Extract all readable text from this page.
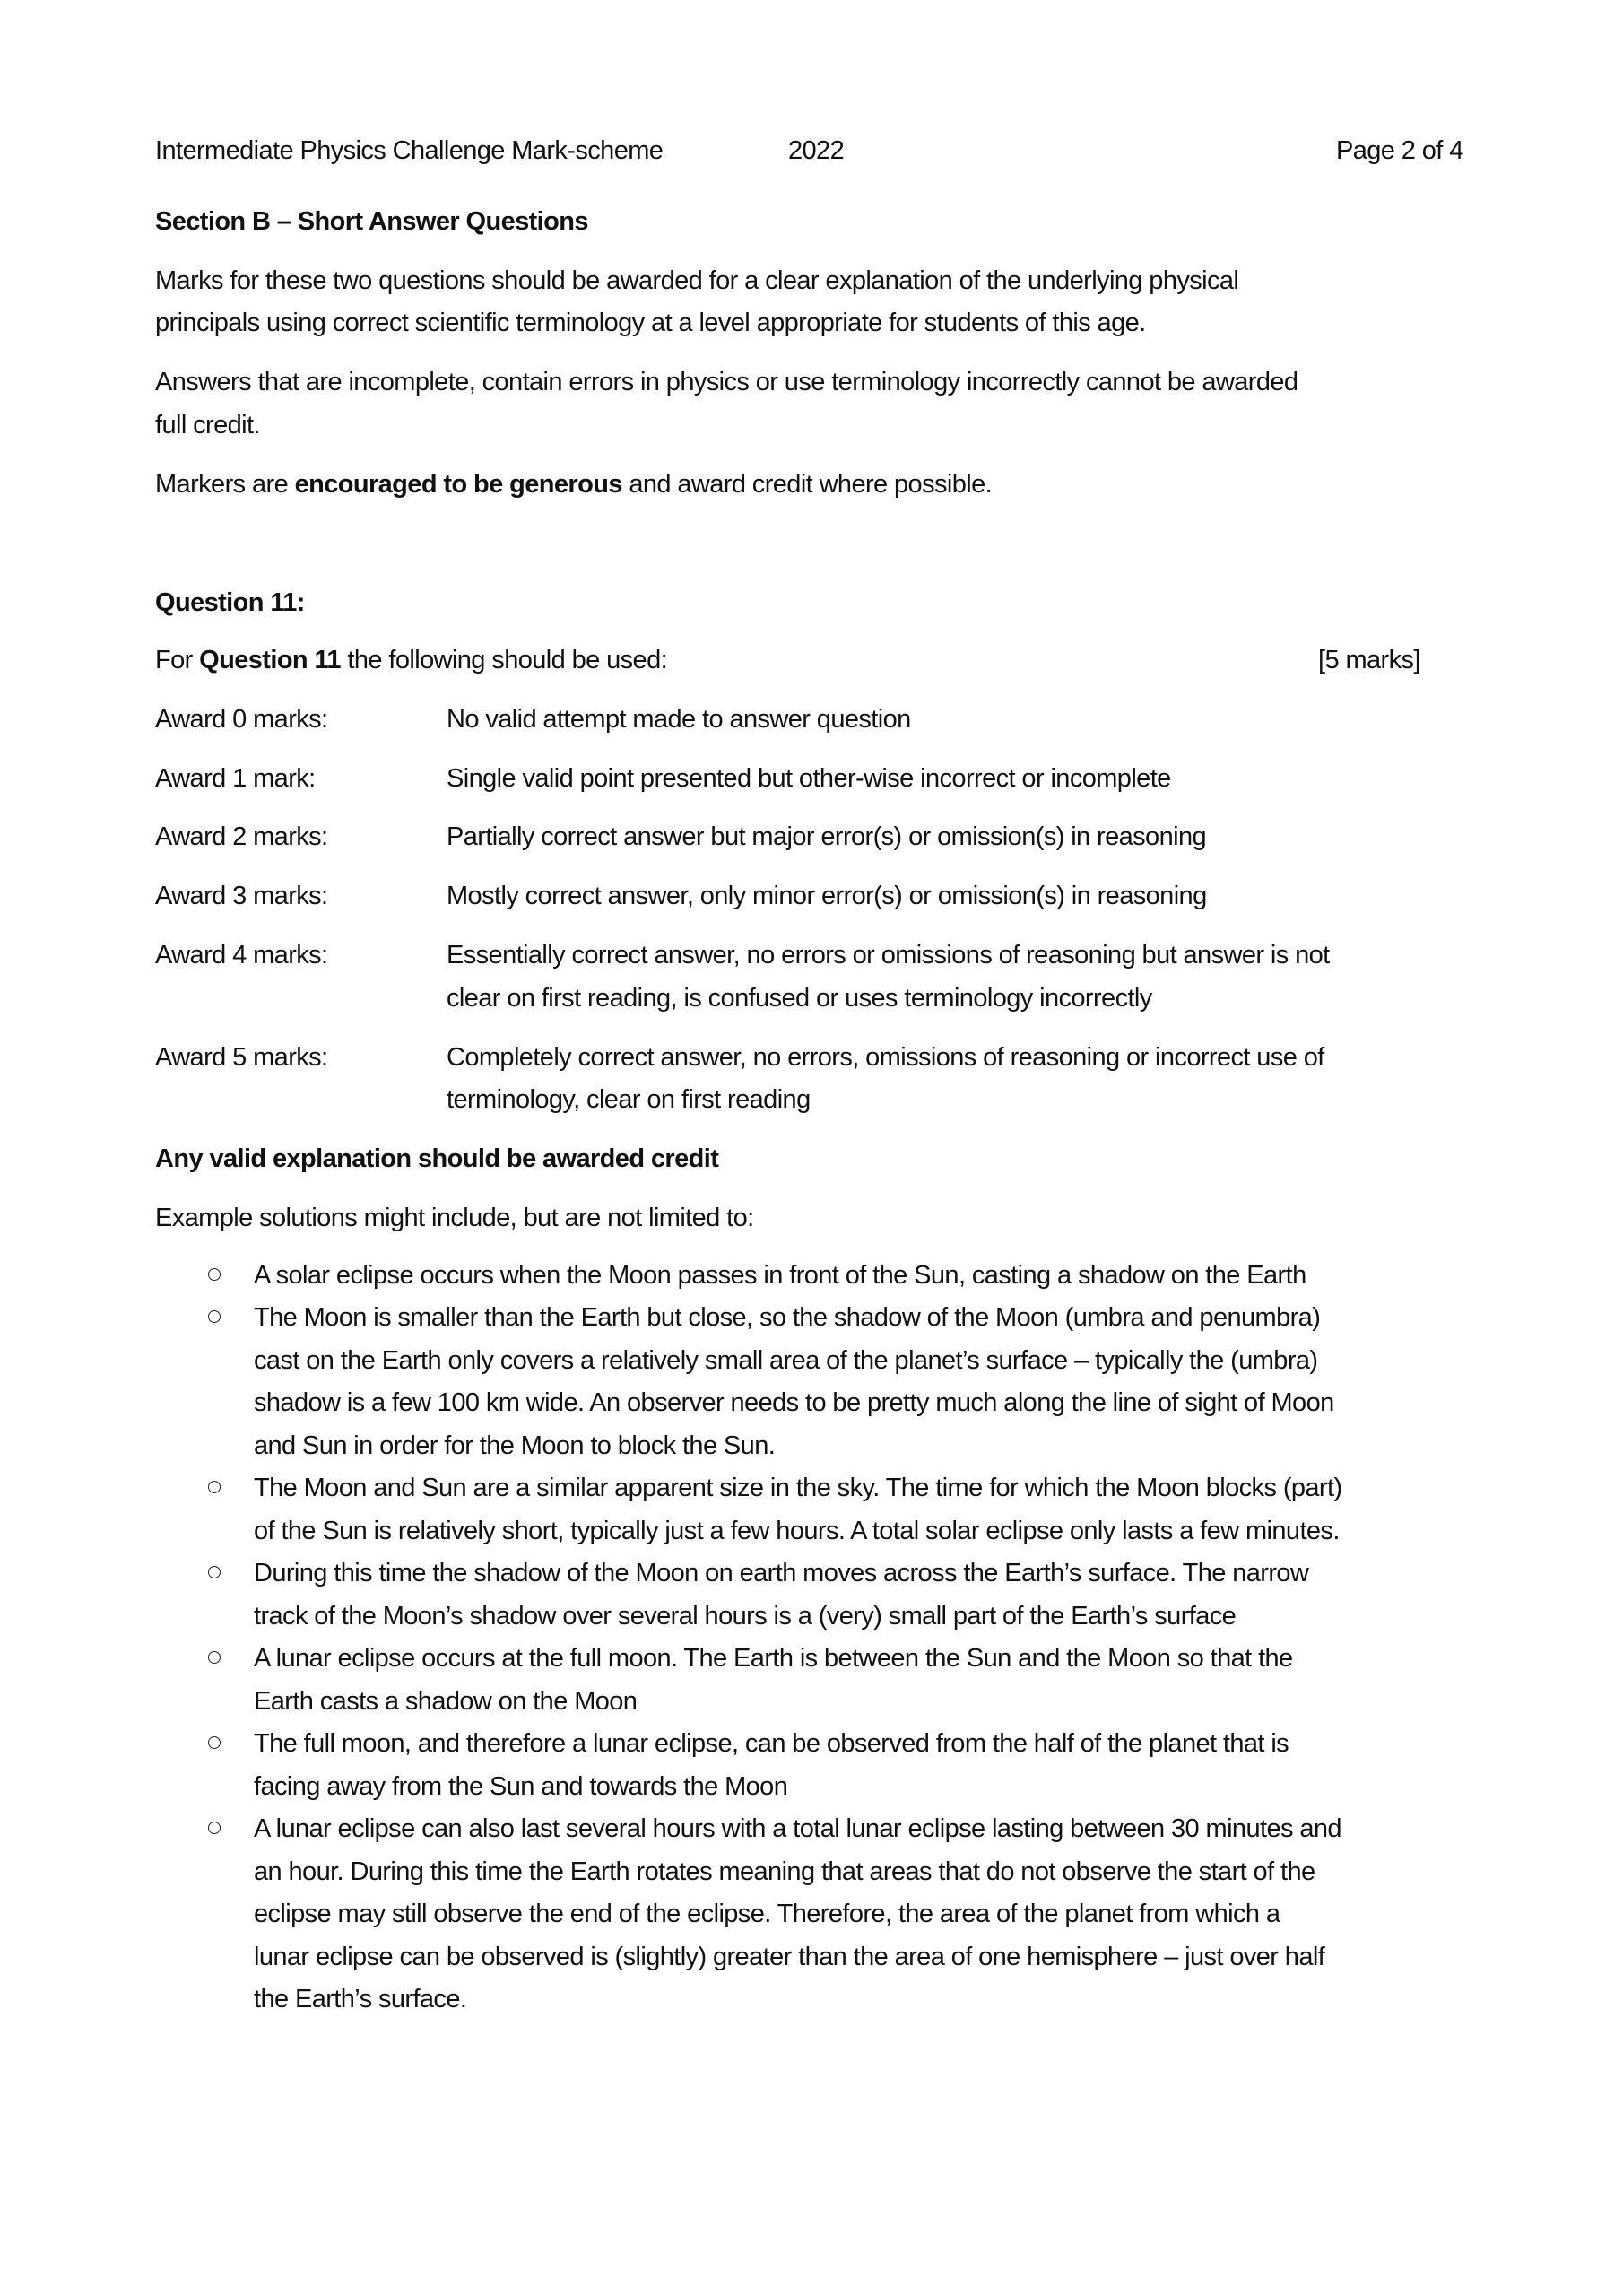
Intermediate Physics Challenge Mark-scheme	2022	Page 2 of 4
Section B – Short Answer Questions
Marks for these two questions should be awarded for a clear explanation of the underlying physical
principals using correct scientific terminology at a level appropriate for students of this age.
Answers that are incomplete, contain errors in physics or use terminology incorrectly cannot be awarded
full credit.
Markers are encouraged to be generous and award credit where possible.
Question 11:
For Question 11 the following should be used:	[5 marks]
Award 0 marks:	No valid attempt made to answer question
Award 1 mark:	Single valid point presented but other-wise incorrect or incomplete
Award 2 marks:	Partially correct answer but major error(s) or omission(s) in reasoning
Award 3 marks:	Mostly correct answer, only minor error(s) or omission(s) in reasoning
Award 4 marks:	Essentially correct answer, no errors or omissions of reasoning but answer is not
clear on first reading, is confused or uses terminology incorrectly
Award 5 marks:	Completely correct answer, no errors, omissions of reasoning or incorrect use of
terminology, clear on first reading
Any valid explanation should be awarded credit
Example solutions might include, but are not limited to:
A solar eclipse occurs when the Moon passes in front of the Sun, casting a shadow on the Earth
The Moon is smaller than the Earth but close, so the shadow of the Moon (umbra and penumbra)
cast on the Earth only covers a relatively small area of the planet’s surface – typically the (umbra)
shadow is a few 100 km wide. An observer needs to be pretty much along the line of sight of Moon
and Sun in order for the Moon to block the Sun.
The Moon and Sun are a similar apparent size in the sky. The time for which the Moon blocks (part)
of the Sun is relatively short, typically just a few hours. A total solar eclipse only lasts a few minutes.
During this time the shadow of the Moon on earth moves across the Earth’s surface. The narrow
track of the Moon’s shadow over several hours is a (very) small part of the Earth’s surface
A lunar eclipse occurs at the full moon. The Earth is between the Sun and the Moon so that the
Earth casts a shadow on the Moon
The full moon, and therefore a lunar eclipse, can be observed from the half of the planet that is
facing away from the Sun and towards the Moon
A lunar eclipse can also last several hours with a total lunar eclipse lasting between 30 minutes and
an hour. During this time the Earth rotates meaning that areas that do not observe the start of the
eclipse may still observe the end of the eclipse. Therefore, the area of the planet from which a
lunar eclipse can be observed is (slightly) greater than the area of one hemisphere – just over half
the Earth’s surface.
